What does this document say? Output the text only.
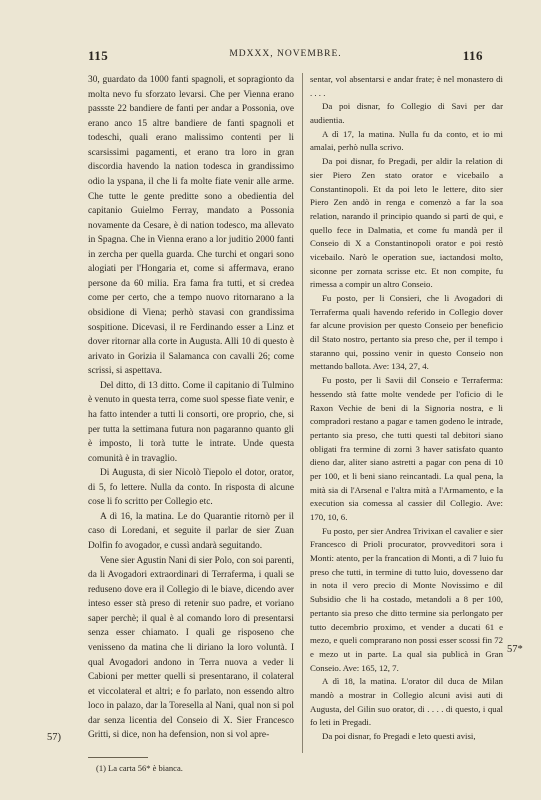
115	MDXXX, NOVEMBRE.	116

30, guardato da 1000 fanti spagnoli, et sopragionto da molta nevo fu sforzato levarsi. Che per Vienna erano passste 22 bandiere de fanti per andar a Possonia, ove erano anco 15 altre bandiere de fanti spagnoli et todeschi, quali erano malissimo contenti per li scarsissimi pagamenti, et erano tra loro in gran discordia havendo la nation todesca in grandissimo odio la yspana, il che li fa molte fiate venir alle arme. Che tutte le gente preditte sono a obedientia del capitanio Guielmo Ferray, mandato a Possonia novamente da Cesare, è di nation todesco, ma allevato in Spagna. Che in Vienna erano a lor juditio 2000 fanti in zercha per quella guarda. Che turchi et ongari sono alogiati per l'Hongaria et, come si affermava, erano persone da 60 milia. Era fama fra tutti, et si credea come per certo, che a tempo nuovo ritornarano a la obsidione di Viena; perhò stavasi con grandissima sospitione. Dicevasi, il re Ferdinando esser a Linz et dover ritornar alla corte in Augusta. Alli 10 di questo è arivato in Gorizia il Salamanca con cavalli 26; come scrissi, si aspettava.

Del ditto, di 13 ditto. Come il capitanio di Tulmino è venuto in questa terra, come suol spesse fiate venir, e ha fatto intender a tutti li consorti, ore proprio, che, si per tutta la settimana futura non pagaranno quanto gli è imposto, li torà tutte le intrate. Unde questa comunità è in travaglio.

Di Augusta, di sier Nicolò Tiepolo el dotor, orator, di 5, fo lettere. Nulla da conto. In risposta di alcune cose li fo scritto per Collegio etc.

A dì 16, la matina. Le do Quarantie ritornò per il caso di Loredani, et seguite il parlar de sier Zuan Dolfin fo avogador, e cussì andarà seguitando.

Vene sier Agustin Nani di sier Polo, con soi parenti, da li Avogadori extraordinari di Terraferma, i quali se reduseno dove era il Collegio di le biave, dicendo aver inteso esser stà preso di retenir suo padre, et voriano saper perchè; il qual è al comando loro di presentarsi senza esser chiamato. I quali ge risposeno che venisseno da matina che li diriano la loro voluntà. I qual Avogadori andono in Terra nuova a veder li Cabioni per metter quelli si presentarano, il colateral et viccolateral et altri; e fo parlato, non essendo altro loco in palazo, dar la Toresella al Nani, qual non si pol dar senza licentia del Conseio di X. Sier Francesco Gritti, si dice, non ha defension, non si vol apre-

sentar, vol absentarsi e andar frate; è nel monastero di . . . .

Da poi disnar, fo Collegio di Savi per dar audientia.

A dì 17, la matina. Nulla fu da conto, et io mi amalai, perhò nulla scrivo.

Da poi disnar, fo Pregadi, per aldir la relation di sier Piero Zen stato orator e vicebailo a Constantinopoli. Et da poi leto le lettere, dito sier Piero Zen andò in renga e comenzò a far la soa relation, narando il principio quando si partì de qui, e quello fece in Dalmatia, et come fu mandà per il Conseio di X a Constantinopoli orator e poi restò vicebailo. Narò le operation sue, iactandosi molto, siconne per zornata scrisse etc. Et non compite, fu rimessa a compir un altro Conseio.

Fu posto, per li Consieri, che li Avogadori di Terraferma quali havendo referido in Collegio dover far alcune provision per questo Conseio per beneficio dil Stato nostro, pertanto sia preso che, per il tempo i staranno qui, possino venir in questo Conseio non mettando ballota. Ave: 134, 27, 4.

Fu posto, per li Savii dil Conseio e Terraferma: hessendo stà fatte molte vendede per l'oficio di le Raxon Vechie de beni di la Signoria nostra, e li compradori restano a pagar e tamen godeno le intrade, pertanto sia preso, che tutti questi tal debitori siano obligati fra termine di zorni 3 haver satisfato quanto dieno dar, aliter siano astretti a pagar con pena di 10 per 100, et li beni siano reincantadi. La qual pena, la mità sia di l'Arsenal e l'altra mità a l'Armamento, e la execution sia comessa al cassier dil Collegio. Ave: 170, 10, 6.

Fu posto, per sier Andrea Trivixan el cavalier e sier Francesco di Prioli procurator, provveditori sora i Monti: atento, per la francation di Monti, a dì 7 luio fu preso che tutti, in termine di tutto luio, dovesseno dar in nota il vero precio di Monte Novissimo e dil Subsidio che li ha costado, metandoli a 8 per 100, pertanto sia preso che ditto termine sia perlongato per tutto decembrio proximo, et vender a ducati 61 e mezo, e queli comprarano non possi esser scossi fin 72 e mezo ut in parte. La qual sia publicà in Gran Conseio. Ave: 165, 12, 7.

A dì 18, la matina. L'orator dil duca de Milan mandò a mostrar in Collegio alcuni avisi auti di Augusta, del Gilin suo orator, di . . . . di questo, i qual fo leti in Pregadi.

Da poi disnar, fo Pregadi e leto questi avisi,

57)
57*
(1) La carta 56* è bianca.
